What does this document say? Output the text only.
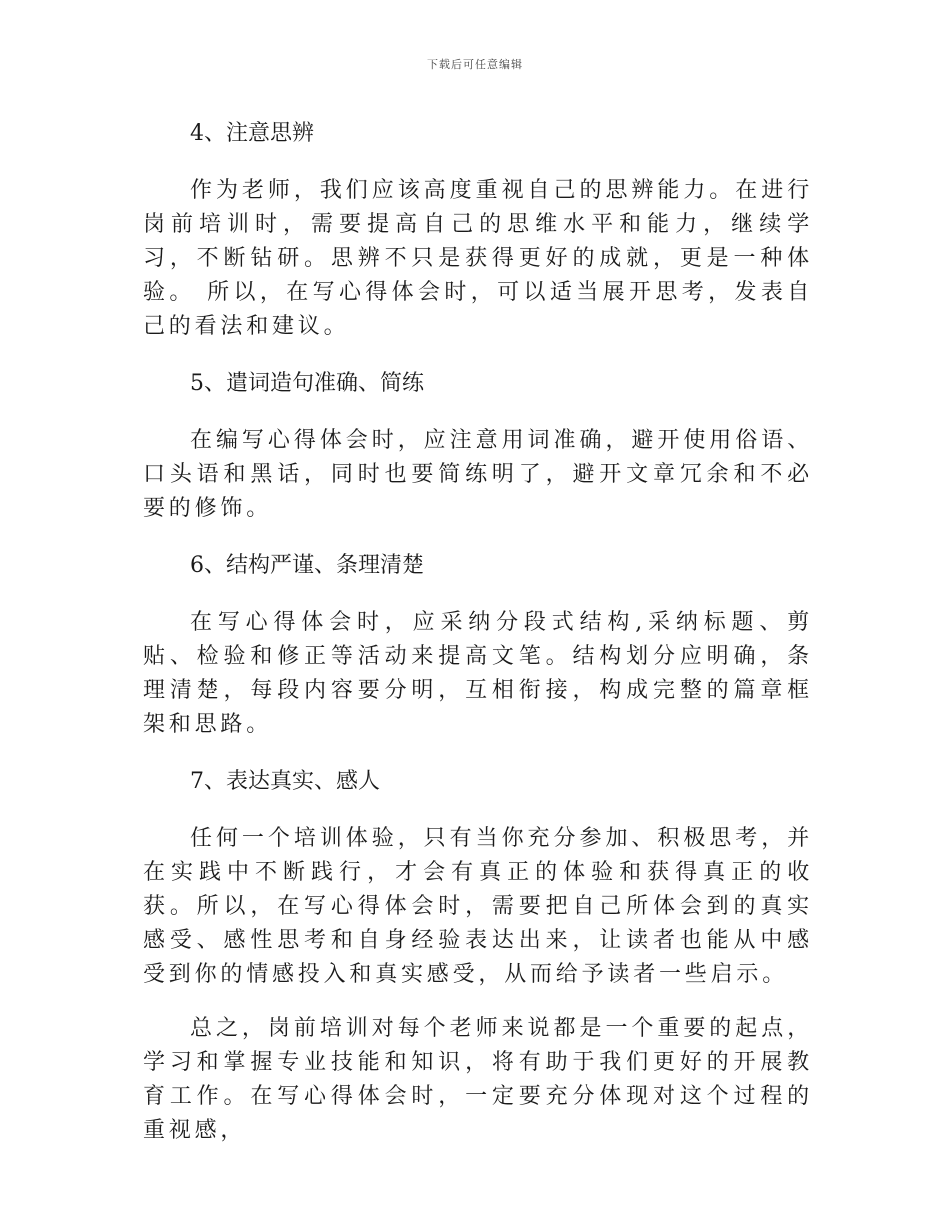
下载后可任意编辑
4、注意思辨

作为老师，我们应该高度重视自己的思辨能力。在进行岗前培训时，需要提高自己的思维水平和能力，继续学习，不断钻研。思辨不只是获得更好的成就，更是一种体验。 所以，在写心得体会时，可以适当展开思考，发表自己的看法和建议。

5、遣词造句准确、简练

在编写心得体会时，应注意用词准确，避开使用俗语、口头语和黑话，同时也要简练明了，避开文章冗余和不必要的修饰。

6、结构严谨、条理清楚

在写心得体会时，应采纳分段式结构,采纳标题、剪贴、检验和修正等活动来提高文笔。结构划分应明确，条理清楚，每段内容要分明，互相衔接，构成完整的篇章框架和思路。

7、表达真实、感人

任何一个培训体验，只有当你充分参加、积极思考，并在实践中不断践行，才会有真正的体验和获得真正的收获。所以，在写心得体会时，需要把自己所体会到的真实感受、感性思考和自身经验表达出来，让读者也能从中感受到你的情感投入和真实感受，从而给予读者一些启示。

总之，岗前培训对每个老师来说都是一个重要的起点，学习和掌握专业技能和知识，将有助于我们更好的开展教育工作。在写心得体会时，一定要充分体现对这个过程的重视感，
